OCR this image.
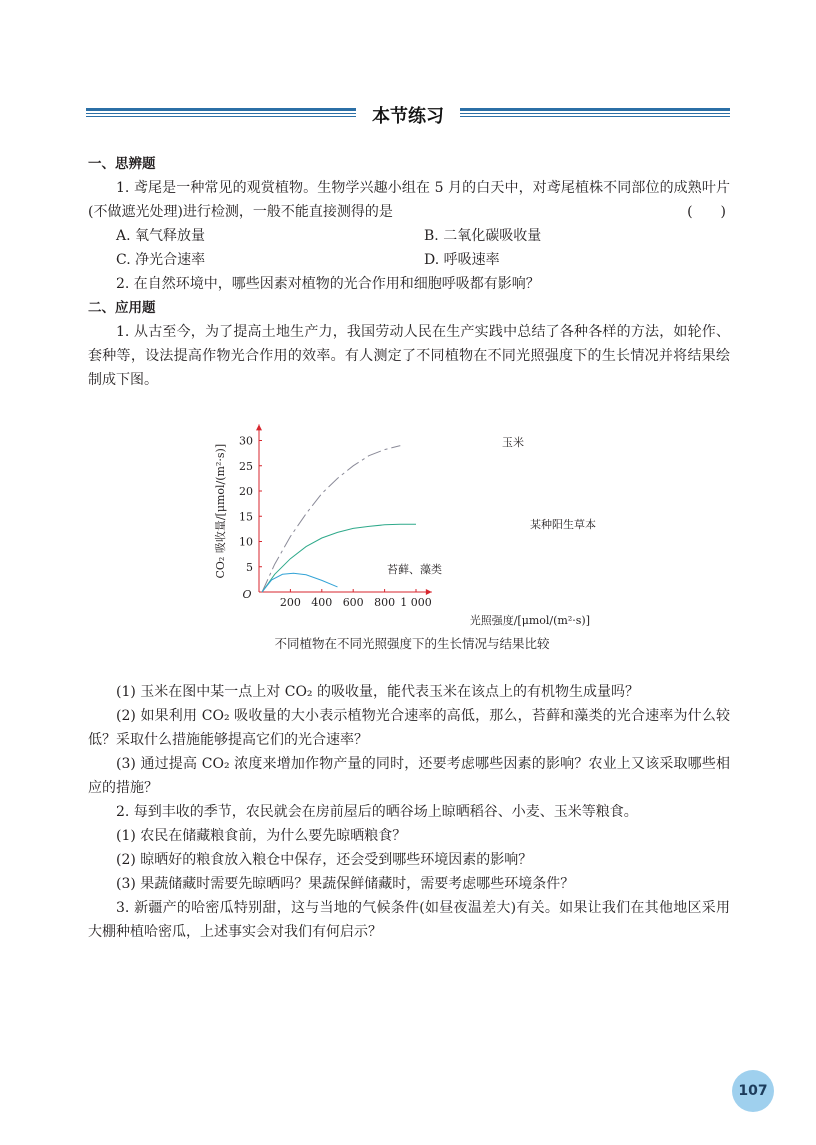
本节练习
一、思辨题
1. 鸢尾是一种常见的观赏植物。生物学兴趣小组在 5 月的白天中，对鸢尾植株不同部位的成熟叶片(不做遮光处理)进行检测，一般不能直接测得的是	(　　)
A. 氧气释放量	B. 二氧化碳吸收量
C. 净光合速率	D. 呼吸速率
2. 在自然环境中，哪些因素对植物的光合作用和细胞呼吸都有影响？
二、应用题
1. 从古至今，为了提高土地生产力，我国劳动人民在生产实践中总结了各种各样的方法，如轮作、套种等，设法提高作物光合作用的效率。有人测定了不同植物在不同光照强度下的生长情况并将结果绘制成下图。
200 400 600 800 1 000
5
10
15
20
25
30
O
光照强度/[μmol/(m²·s)]
CO₂ 吸收量/[μmol/(m²·s)]
玉米
某种阳生草本
苔藓、藻类
不同植物在不同光照强度下的生长情况与结果比较
(1) 玉米在图中某一点上对 CO₂ 的吸收量，能代表玉米在该点上的有机物生成量吗？
(2) 如果利用 CO₂ 吸收量的大小表示植物光合速率的高低，那么，苔藓和藻类的光合速率为什么较低？采取什么措施能够提高它们的光合速率？
(3) 通过提高 CO₂ 浓度来增加作物产量的同时，还要考虑哪些因素的影响？农业上又该采取哪些相应的措施？
2. 每到丰收的季节，农民就会在房前屋后的晒谷场上晾晒稻谷、小麦、玉米等粮食。
(1) 农民在储藏粮食前，为什么要先晾晒粮食？
(2) 晾晒好的粮食放入粮仓中保存，还会受到哪些环境因素的影响？
(3) 果蔬储藏时需要先晾晒吗？果蔬保鲜储藏时，需要考虑哪些环境条件？
3. 新疆产的哈密瓜特别甜，这与当地的气候条件(如昼夜温差大)有关。如果让我们在其他地区采用大棚种植哈密瓜，上述事实会对我们有何启示？
107
